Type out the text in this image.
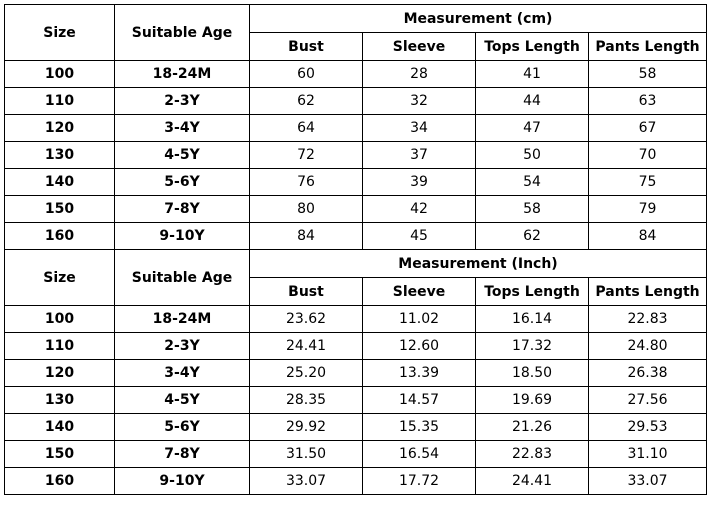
Size	Suitable Age	Measurement (cm)			
		Bust	Sleeve	Tops Length	Pants Length
100	18-24M	60	28	41	58
110	2-3Y	62	32	44	63
120	3-4Y	64	34	47	67
130	4-5Y	72	37	50	70
140	5-6Y	76	39	54	75
150	7-8Y	80	42	58	79
160	9-10Y	84	45	62	84
Size	Suitable Age	Measurement (Inch)			
		Bust	Sleeve	Tops Length	Pants Length
100	18-24M	23.62	11.02	16.14	22.83
110	2-3Y	24.41	12.60	17.32	24.80
120	3-4Y	25.20	13.39	18.50	26.38
130	4-5Y	28.35	14.57	19.69	27.56
140	5-6Y	29.92	15.35	21.26	29.53
150	7-8Y	31.50	16.54	22.83	31.10
160	9-10Y	33.07	17.72	24.41	33.07
